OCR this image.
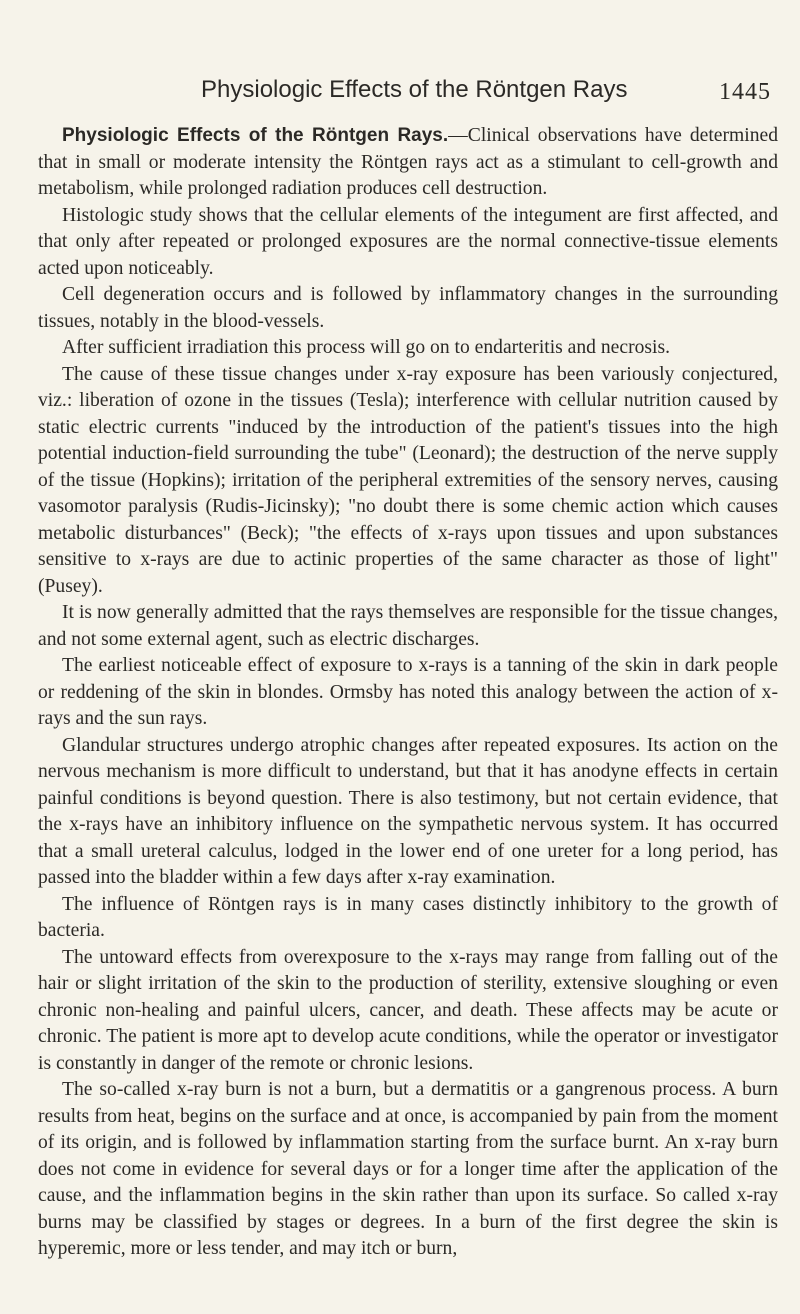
Physiologic Effects of the Röntgen Rays	1445

Physiologic Effects of the Röntgen Rays.—Clinical observations have determined that in small or moderate intensity the Röntgen rays act as a stimulant to cell-growth and metabolism, while prolonged radiation produces cell destruction.

Histologic study shows that the cellular elements of the integument are first affected, and that only after repeated or prolonged exposures are the normal connective-tissue elements acted upon noticeably.

Cell degeneration occurs and is followed by inflammatory changes in the surrounding tissues, notably in the blood-vessels.

After sufficient irradiation this process will go on to endarteritis and necrosis.

The cause of these tissue changes under x-ray exposure has been variously conjectured, viz.: liberation of ozone in the tissues (Tesla); interference with cellular nutrition caused by static electric currents "induced by the introduction of the patient's tissues into the high potential induction-field surrounding the tube" (Leonard); the destruction of the nerve supply of the tissue (Hopkins); irritation of the peripheral extremities of the sensory nerves, causing vasomotor paralysis (Rudis-Jicinsky); "no doubt there is some chemic action which causes metabolic disturbances" (Beck); "the effects of x-rays upon tissues and upon substances sensitive to x-rays are due to actinic properties of the same character as those of light" (Pusey).

It is now generally admitted that the rays themselves are responsible for the tissue changes, and not some external agent, such as electric discharges.

The earliest noticeable effect of exposure to x-rays is a tanning of the skin in dark people or reddening of the skin in blondes. Ormsby has noted this analogy between the action of x-rays and the sun rays.

Glandular structures undergo atrophic changes after repeated exposures. Its action on the nervous mechanism is more difficult to understand, but that it has anodyne effects in certain painful conditions is beyond question. There is also testimony, but not certain evidence, that the x-rays have an inhibitory influence on the sympathetic nervous system. It has occurred that a small ureteral calculus, lodged in the lower end of one ureter for a long period, has passed into the bladder within a few days after x-ray examination.

The influence of Röntgen rays is in many cases distinctly inhibitory to the growth of bacteria.

The untoward effects from overexposure to the x-rays may range from falling out of the hair or slight irritation of the skin to the production of sterility, extensive sloughing or even chronic non-healing and painful ulcers, cancer, and death. These affects may be acute or chronic. The patient is more apt to develop acute conditions, while the operator or investigator is constantly in danger of the remote or chronic lesions.

The so-called x-ray burn is not a burn, but a dermatitis or a gangrenous process. A burn results from heat, begins on the surface and at once, is accompanied by pain from the moment of its origin, and is followed by inflammation starting from the surface burnt. An x-ray burn does not come in evidence for several days or for a longer time after the application of the cause, and the inflammation begins in the skin rather than upon its surface. So called x-ray burns may be classified by stages or degrees. In a burn of the first degree the skin is hyperemic, more or less tender, and may itch or burn,
